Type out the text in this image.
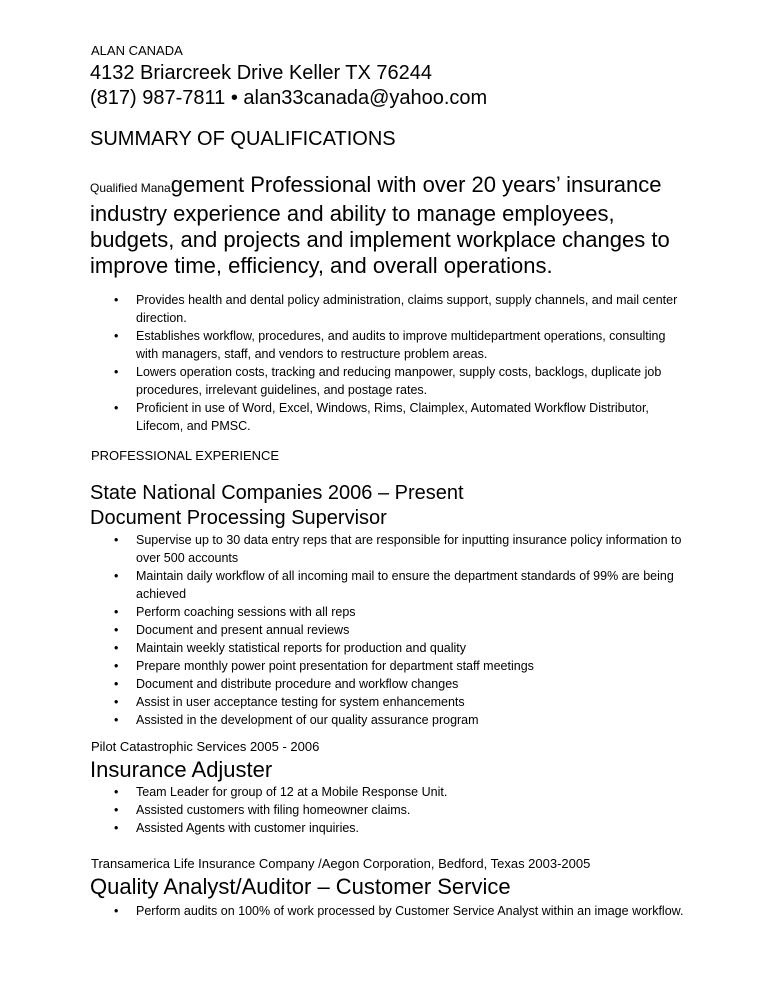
ALAN CANADA
4132 Briarcreek Drive Keller TX 76244
(817) 987-7811 • alan33canada@yahoo.com
SUMMARY OF QUALIFICATIONS
Qualified Management Professional with over 20 years’ insurance industry experience and ability to manage employees, budgets, and projects and implement workplace changes to improve time, efficiency, and overall operations.
• Provides health and dental policy administration, claims support, supply channels, and mail center direction.
• Establishes workflow, procedures, and audits to improve multidepartment operations, consulting with managers, staff, and vendors to restructure problem areas.
• Lowers operation costs, tracking and reducing manpower, supply costs, backlogs, duplicate job procedures, irrelevant guidelines, and postage rates.
• Proficient in use of Word, Excel, Windows, Rims, Claimplex, Automated Workflow Distributor, Lifecom, and PMSC.
PROFESSIONAL EXPERIENCE
State National Companies 2006 – Present
Document Processing Supervisor
• Supervise up to 30 data entry reps that are responsible for inputting insurance policy information to over 500 accounts
• Maintain daily workflow of all incoming mail to ensure the department standards of 99% are being achieved
• Perform coaching sessions with all reps
• Document and present annual reviews
• Maintain weekly statistical reports for production and quality
• Prepare monthly power point presentation for department staff meetings
• Document and distribute procedure and workflow changes
• Assist in user acceptance testing for system enhancements
• Assisted in the development of our quality assurance program
Pilot Catastrophic Services 2005 - 2006
Insurance Adjuster
• Team Leader for group of 12 at a Mobile Response Unit.
• Assisted customers with filing homeowner claims.
• Assisted Agents with customer inquiries.
Transamerica Life Insurance Company /Aegon Corporation, Bedford, Texas 2003-2005
Quality Analyst/Auditor – Customer Service
• Perform audits on 100% of work processed by Customer Service Analyst within an image workflow.
